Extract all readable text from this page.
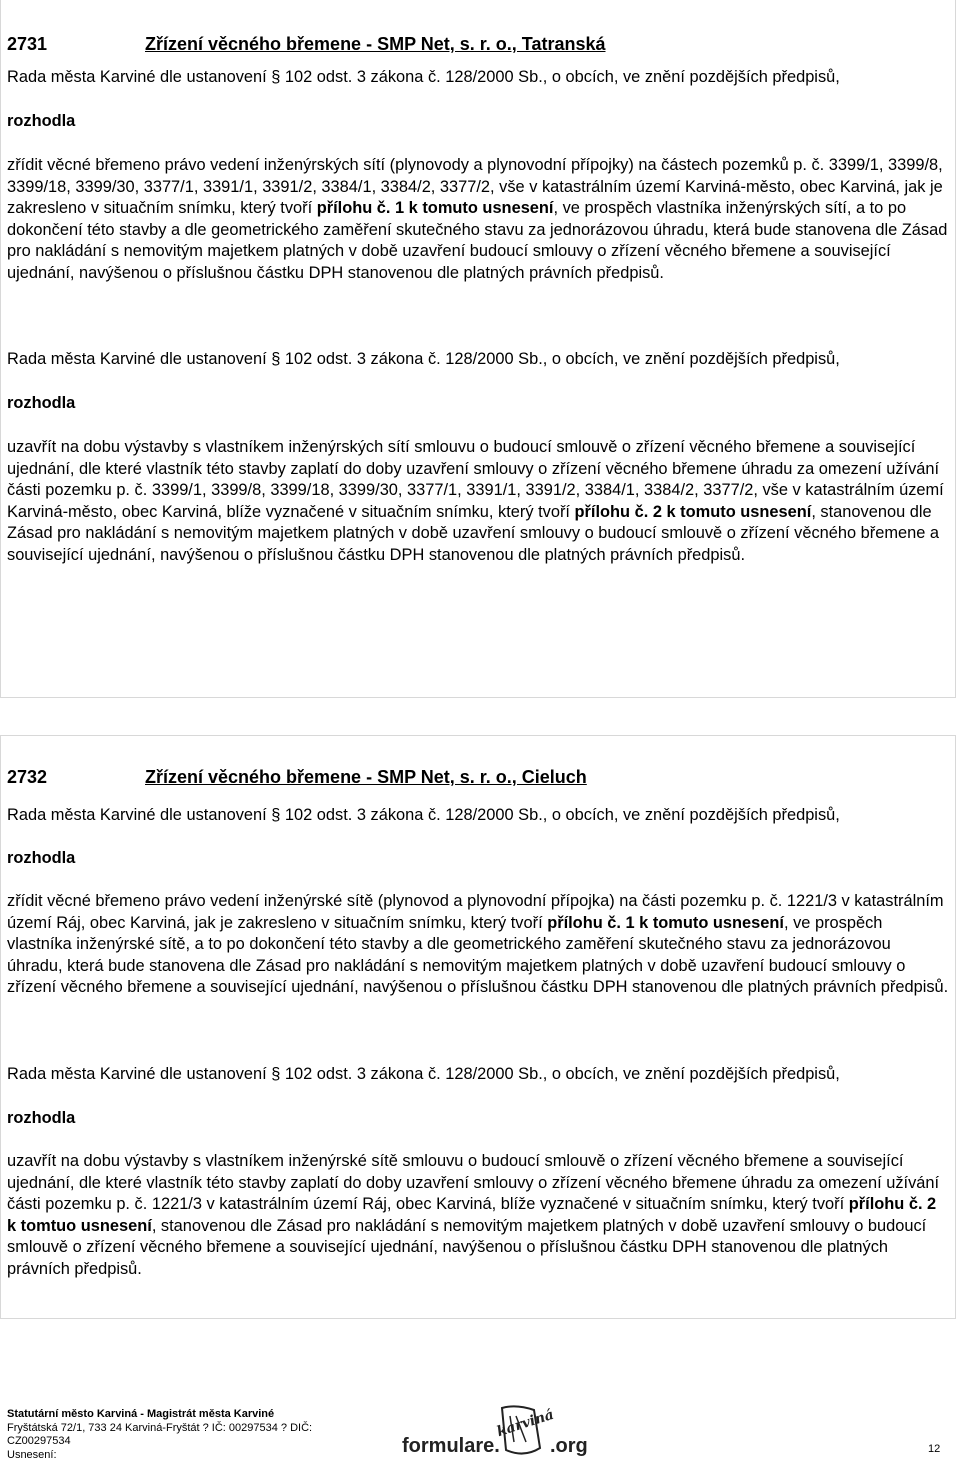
2731	Zřízení věcného břemene - SMP Net, s. r. o., Tatranská

Rada města Karviné dle ustanovení § 102 odst. 3 zákona č. 128/2000 Sb., o obcích, ve znění pozdějších předpisů,

rozhodla

zřídit věcné břemeno právo vedení inženýrských sítí (plynovody a plynovodní přípojky) na částech pozemků p. č. 3399/1, 3399/8, 3399/18, 3399/30, 3377/1, 3391/1, 3391/2, 3384/1, 3384/2, 3377/2, vše v katastrálním území Karviná-město, obec Karviná, jak je zakresleno v situačním snímku, který tvoří přílohu č. 1 k tomuto usnesení, ve prospěch vlastníka inženýrských sítí, a to po dokončení této stavby a dle geometrického zaměření skutečného stavu za jednorázovou úhradu, která bude stanovena dle Zásad pro nakládání s nemovitým majetkem platných v době uzavření budoucí smlouvy o zřízení věcného břemene a související ujednání, navýšenou o příslušnou částku DPH stanovenou dle platných právních předpisů.

Rada města Karviné dle ustanovení § 102 odst. 3 zákona č. 128/2000 Sb., o obcích, ve znění pozdějších předpisů,

rozhodla

uzavřít na dobu výstavby s vlastníkem inženýrských sítí smlouvu o budoucí smlouvě o zřízení věcného břemene a související ujednání, dle které vlastník této stavby zaplatí do doby uzavření smlouvy o zřízení věcného břemene úhradu za omezení užívání části pozemku p. č. 3399/1, 3399/8, 3399/18, 3399/30, 3377/1, 3391/1, 3391/2, 3384/1, 3384/2, 3377/2, vše v katastrálním území Karviná-město, obec Karviná, blíže vyznačené v situačním snímku, který tvoří přílohu č. 2 k tomuto usnesení, stanovenou dle Zásad pro nakládání s nemovitým majetkem platných v době uzavření smlouvy o budoucí smlouvě o zřízení věcného břemene a související ujednání, navýšenou o příslušnou částku DPH stanovenou dle platných právních předpisů.

2732	Zřízení věcného břemene - SMP Net, s. r. o., Cieluch

Rada města Karviné dle ustanovení § 102 odst. 3 zákona č. 128/2000 Sb., o obcích, ve znění pozdějších předpisů,

rozhodla

zřídit věcné břemeno právo vedení inženýrské sítě (plynovod a plynovodní přípojka) na části pozemku p. č. 1221/3 v katastrálním území Ráj, obec Karviná, jak je zakresleno v situačním snímku, který tvoří přílohu č. 1 k tomuto usnesení, ve prospěch vlastníka inženýrské sítě, a to po dokončení této stavby a dle geometrického zaměření skutečného stavu za jednorázovou úhradu, která bude stanovena dle Zásad pro nakládání s nemovitým majetkem platných v době uzavření budoucí smlouvy o zřízení věcného břemene a související ujednání, navýšenou o příslušnou částku DPH stanovenou dle platných právních předpisů.

Rada města Karviné dle ustanovení § 102 odst. 3 zákona č. 128/2000 Sb., o obcích, ve znění pozdějších předpisů,

rozhodla

uzavřít na dobu výstavby s vlastníkem inženýrské sítě smlouvu o budoucí smlouvě o zřízení věcného břemene a související ujednání, dle které vlastník této stavby zaplatí do doby uzavření smlouvy o zřízení věcného břemene úhradu za omezení užívání části pozemku p. č. 1221/3 v katastrálním území Ráj, obec Karviná, blíže vyznačené v situačním snímku, který tvoří přílohu č. 2 k tomtuo usnesení, stanovenou dle Zásad pro nakládání s nemovitým majetkem platných v době uzavření smlouvy o budoucí smlouvě o zřízení věcného břemene a související ujednání, navýšenou o příslušnou částku DPH stanovenou dle platných právních předpisů.

Statutární město Karviná - Magistrát města Karviné
Fryštátská 72/1, 733 24 Karviná-Fryštát ? IČ: 00297534 ? DIČ:
CZ00297534
Usnesení:	formulare.
karviná
.org	12
